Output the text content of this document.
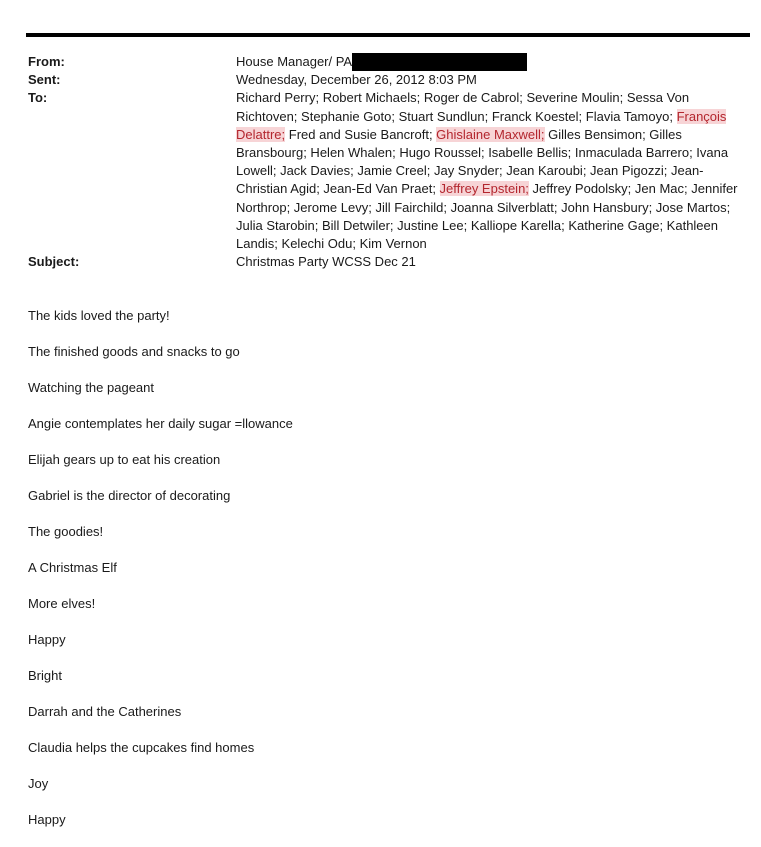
From:	House Manager/ PA
Sent:	Wednesday, December 26, 2012 8:03 PM
To:	Richard Perry; Robert Michaels; Roger de Cabrol; Severine Moulin; Sessa Von Richtoven; Stephanie Goto; Stuart Sundlun; Franck Koestel; Flavia Tamoyo; François Delattre; Fred and Susie Bancroft; Ghislaine Maxwell; Gilles Bensimon; Gilles Bransbourg; Helen Whalen; Hugo Roussel; Isabelle Bellis; Inmaculada Barrero; Ivana Lowell; Jack Davies; Jamie Creel; Jay Snyder; Jean Karoubi; Jean Pigozzi; Jean-Christian Agid; Jean-Ed Van Praet; Jeffrey Epstein; Jeffrey Podolsky; Jen Mac; Jennifer Northrop; Jerome Levy; Jill Fairchild; Joanna Silverblatt; John Hansbury; Jose Martos; Julia Starobin; Bill Detwiler; Justine Lee; Kalliope Karella; Katherine Gage; Kathleen Landis; Kelechi Odu; Kim Vernon
Subject:	Christmas Party WCSS Dec 21
The kids loved the party!
The finished goods and snacks to go
Watching the pageant
Angie contemplates her daily sugar =llowance
Elijah gears up to eat his creation
Gabriel is the director of decorating
The goodies!
A Christmas Elf
More elves!
Happy
Bright
Darrah and the Catherines
Claudia helps the cupcakes find homes
Joy
Happy
